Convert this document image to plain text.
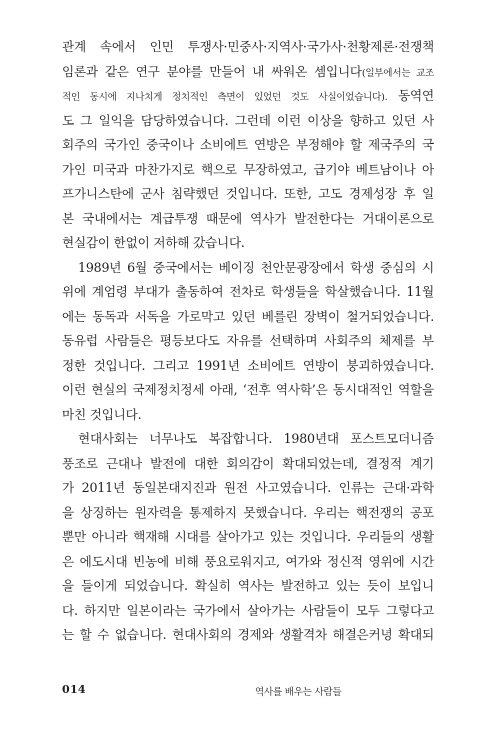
관계 속에서 인민 투쟁사·민중사·지역사·국가사·천황제론·전쟁책
임론과 같은 연구 분야를 만들어 내 싸워온 셈입니다(일부에서는 교조
적인 동시에 지나치게 정치적인 측면이 있었던 것도 사실이었습니다). 동역연
도 그 일익을 담당하였습니다. 그런데 이런 이상을 향하고 있던 사
회주의 국가인 중국이나 소비에트 연방은 부정해야 할 제국주의 국
가인 미국과 마찬가지로 핵으로 무장하였고, 급기야 베트남이나 아
프가니스탄에 군사 침략했던 것입니다. 또한, 고도 경제성장 후 일
본 국내에서는 계급투쟁 때문에 역사가 발전한다는 거대이론으로
현실감이 한없이 저하해 갔습니다.
1989년 6월 중국에서는 베이징 천안문광장에서 학생 중심의 시
위에 계엄령 부대가 출동하여 전차로 학생들을 학살했습니다. 11월
에는 동독과 서독을 가로막고 있던 베를린 장벽이 철거되었습니다.
동유럽 사람들은 평등보다도 자유를 선택하며 사회주의 체제를 부
정한 것입니다. 그리고 1991년 소비에트 연방이 붕괴하였습니다.
이런 현실의 국제정치정세 아래, ‘전후 역사학’은 동시대적인 역할을
마친 것입니다.
현대사회는 너무나도 복잡합니다. 1980년대 포스트모더니즘
풍조로 근대나 발전에 대한 회의감이 확대되었는데, 결정적 계기
가 2011년 동일본대지진과 원전 사고였습니다. 인류는 근대·과학
을 상징하는 원자력을 통제하지 못했습니다. 우리는 핵전쟁의 공포
뿐만 아니라 핵재해 시대를 살아가고 있는 것입니다. 우리들의 생활
은 에도시대 빈농에 비해 풍요로워지고, 여가와 정신적 영위에 시간
을 들이게 되었습니다. 확실히 역사는 발전하고 있는 듯이 보입니
다. 하지만 일본이라는 국가에서 살아가는 사람들이 모두 그렇다고
는 할 수 없습니다. 현대사회의 경제와 생활격차 해결은커녕 확대되
014	역사를 배우는 사람들
